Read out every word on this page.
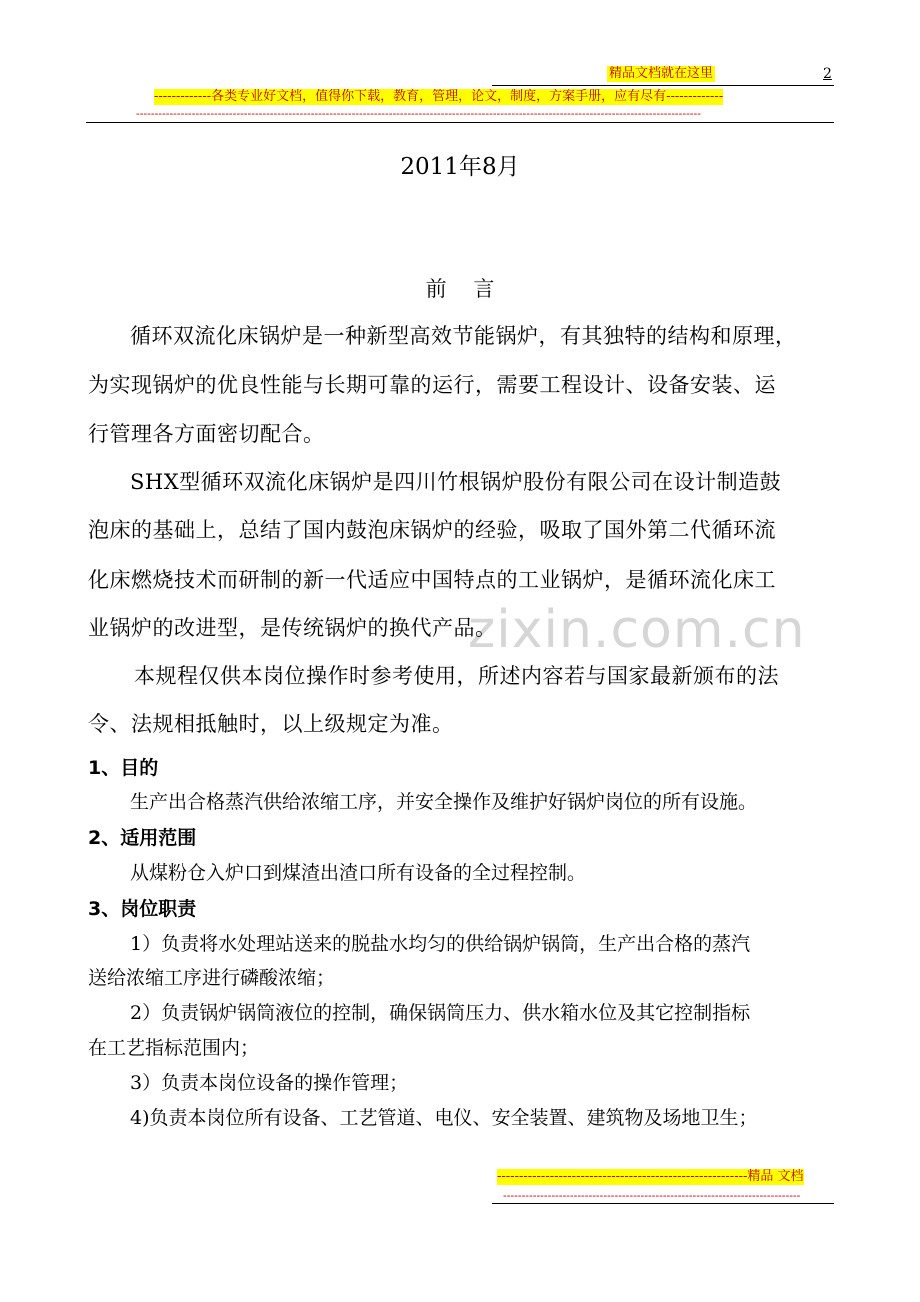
精品文档就在这里	2
-------------各类专业好文档，值得你下载，教育，管理，论文，制度，方案手册，应有尽有-------------
--------------------------------------------------------------------------------------------------------------------------------------------------------
2011年8月
前    言
zixin.com.cn
循环双流化床锅炉是一种新型高效节能锅炉，有其独特的结构和原理，
为实现锅炉的优良性能与长期可靠的运行，需要工程设计、设备安装、运
行管理各方面密切配合。
SHX型循环双流化床锅炉是四川竹根锅炉股份有限公司在设计制造鼓
泡床的基础上，总结了国内鼓泡床锅炉的经验，吸取了国外第二代循环流
化床燃烧技术而研制的新一代适应中国特点的工业锅炉，是循环流化床工
业锅炉的改进型，是传统锅炉的换代产品。
本规程仅供本岗位操作时参考使用，所述内容若与国家最新颁布的法
令、法规相抵触时，以上级规定为准。
1、目的
生产出合格蒸汽供给浓缩工序，并安全操作及维护好锅炉岗位的所有设施。
2、适用范围
从煤粉仓入炉口到煤渣出渣口所有设备的全过程控制。
3、岗位职责
1）负责将水处理站送来的脱盐水均匀的供给锅炉锅筒，生产出合格的蒸汽
送给浓缩工序进行磷酸浓缩；
2）负责锅炉锅筒液位的控制，确保锅筒压力、供水箱水位及其它控制指标
在工艺指标范围内；
3）负责本岗位设备的操作管理；
4)负责本岗位所有设备、工艺管道、电仪、安全装置、建筑物及场地卫生；
---------------------------------------------------------精品 文档
--------------------------------------------------------------------------------
